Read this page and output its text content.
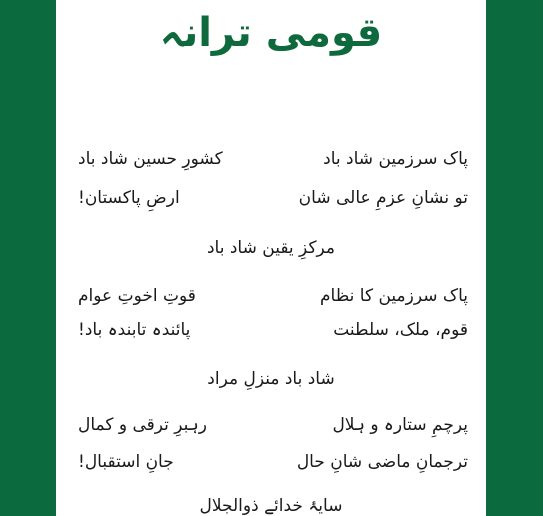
قومی ترانہ
پاک سرزمین شاد باد
کشورِ حسین شاد باد
تو نشانِ عزمِ عالی شان
ارضِ پاکستان!
مرکزِ یقین شاد باد
پاک سرزمین کا نظام
قوتِ اخوتِ عوام
قوم، ملک، سلطنت
پائندہ تابندہ باد!
شاد باد منزلِ مراد
پرچمِ ستارہ و ہلال
رہبرِ ترقی و کمال
ترجمانِ ماضی شانِ حال
جانِ استقبال!
سایۂ خدائے ذوالجلال
